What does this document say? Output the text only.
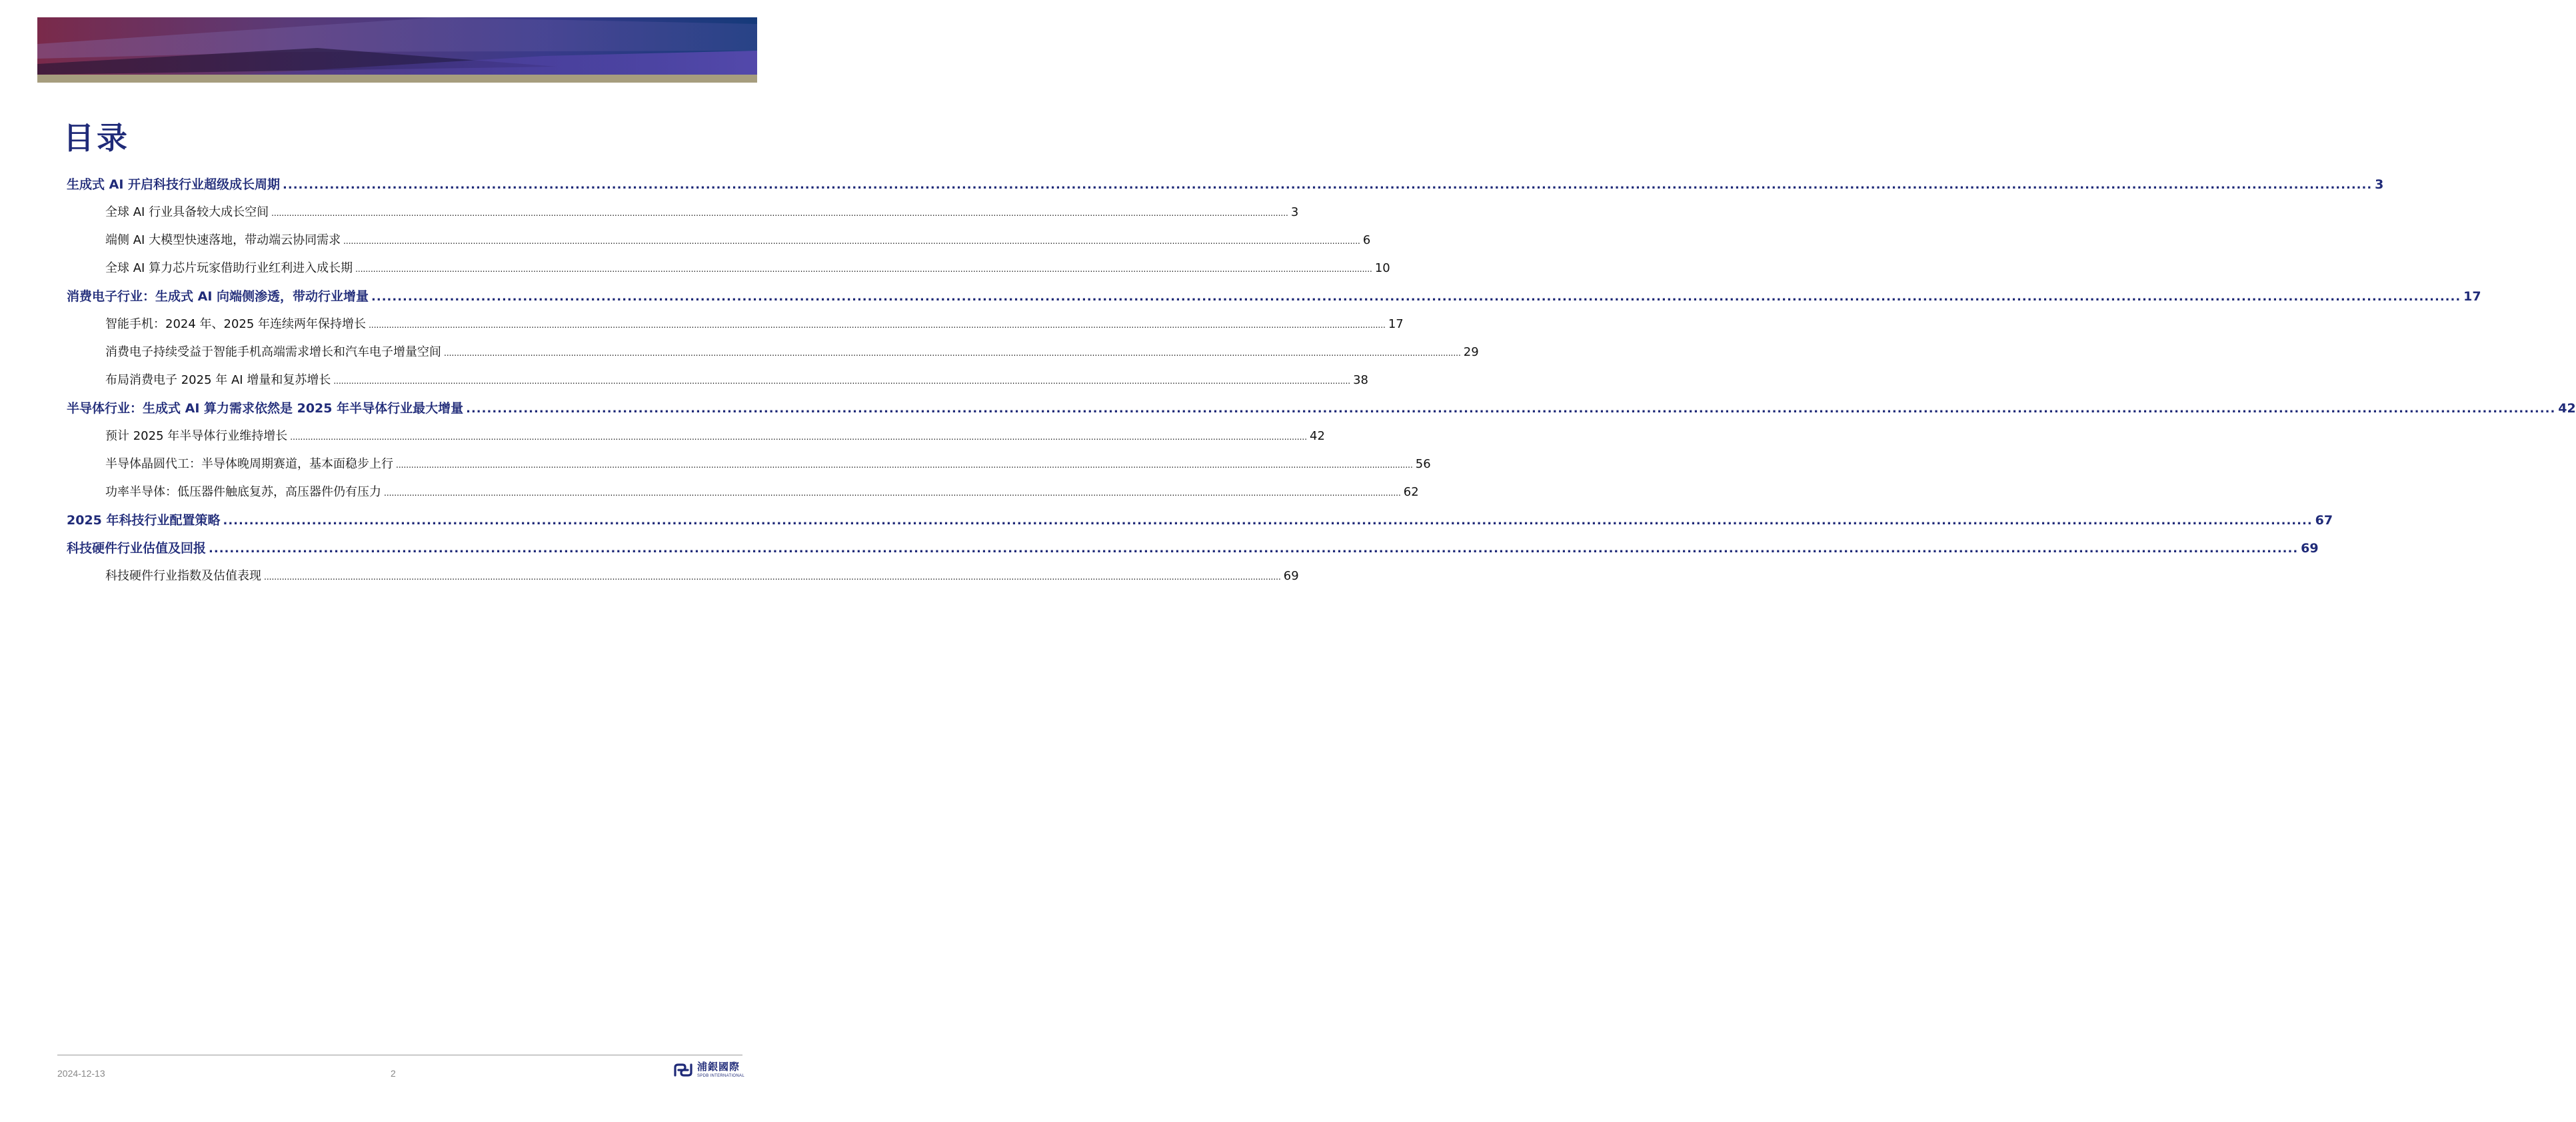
目录
生成式 AI 开启科技行业超级成长周期 ................................................................................................................................................................................................................................................................................................................................................................................................................ 3
全球 AI 行业具备较大成长空间 ................................................................................................................................................................................................................................................................................................................................................................................................................ 3
端侧 AI 大模型快速落地，带动端云协同需求 ................................................................................................................................................................................................................................................................................................................................................................................................................ 6
全球 AI 算力芯片玩家借助行业红利进入成长期 ................................................................................................................................................................................................................................................................................................................................................................................................................ 10
消费电子行业：生成式 AI 向端侧渗透，带动行业增量 ................................................................................................................................................................................................................................................................................................................................................................................................................ 17
智能手机：2024 年、2025 年连续两年保持增长 ................................................................................................................................................................................................................................................................................................................................................................................................................ 17
消费电子持续受益于智能手机高端需求增长和汽车电子增量空间 ................................................................................................................................................................................................................................................................................................................................................................................................................ 29
布局消费电子 2025 年 AI 增量和复苏增长 ................................................................................................................................................................................................................................................................................................................................................................................................................ 38
半导体行业：生成式 AI 算力需求依然是 2025 年半导体行业最大增量 ................................................................................................................................................................................................................................................................................................................................................................................................................ 42
预计 2025 年半导体行业维持增长 ................................................................................................................................................................................................................................................................................................................................................................................................................ 42
半导体晶圆代工：半导体晚周期赛道，基本面稳步上行 ................................................................................................................................................................................................................................................................................................................................................................................................................ 56
功率半导体：低压器件触底复苏，高压器件仍有压力 ................................................................................................................................................................................................................................................................................................................................................................................................................ 62
2025 年科技行业配置策略 ................................................................................................................................................................................................................................................................................................................................................................................................................ 67
科技硬件行业估值及回报 ................................................................................................................................................................................................................................................................................................................................................................................................................ 69
科技硬件行业指数及估值表现 ................................................................................................................................................................................................................................................................................................................................................................................................................ 69
2024-12-13	2
浦銀國際
SPDB INTERNATIONAL
